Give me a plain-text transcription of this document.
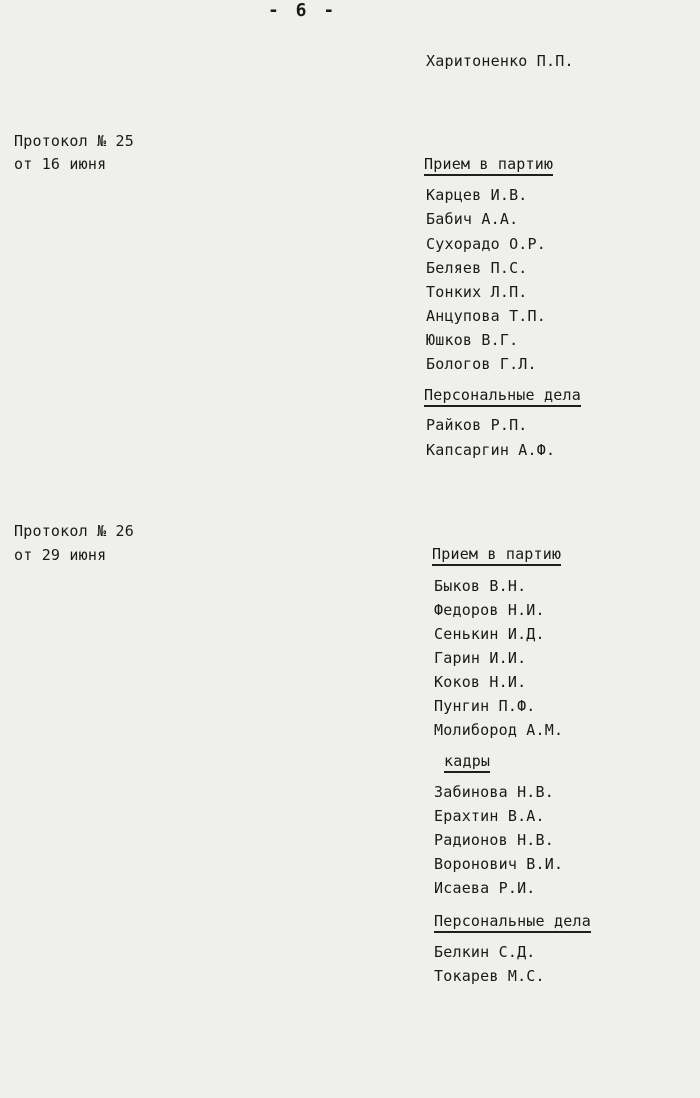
- 6 -
Харитоненко П.П.
Протокол № 25
от 16 июня	Прием в партию
Карцев И.В.
Бабич А.А.
Сухорадо О.Р.
Беляев П.С.
Тонких Л.П.
Анцупова Т.П.
Юшков В.Г.
Бологов Г.Л.
Персональные дела
Райков Р.П.
Капсаргин А.Ф.
Протокол № 26
от 29 июня	Прием в партию
Быков В.Н.
Федоров Н.И.
Сенькин И.Д.
Гарин И.И.
Коков Н.И.
Пунгин П.Ф.
Молибород А.М.
кадры
Забинова Н.В.
Ерахтин В.А.
Радионов Н.В.
Воронович В.И.
Исаева Р.И.
Персональные дела
Белкин С.Д.
Токарев М.С.
